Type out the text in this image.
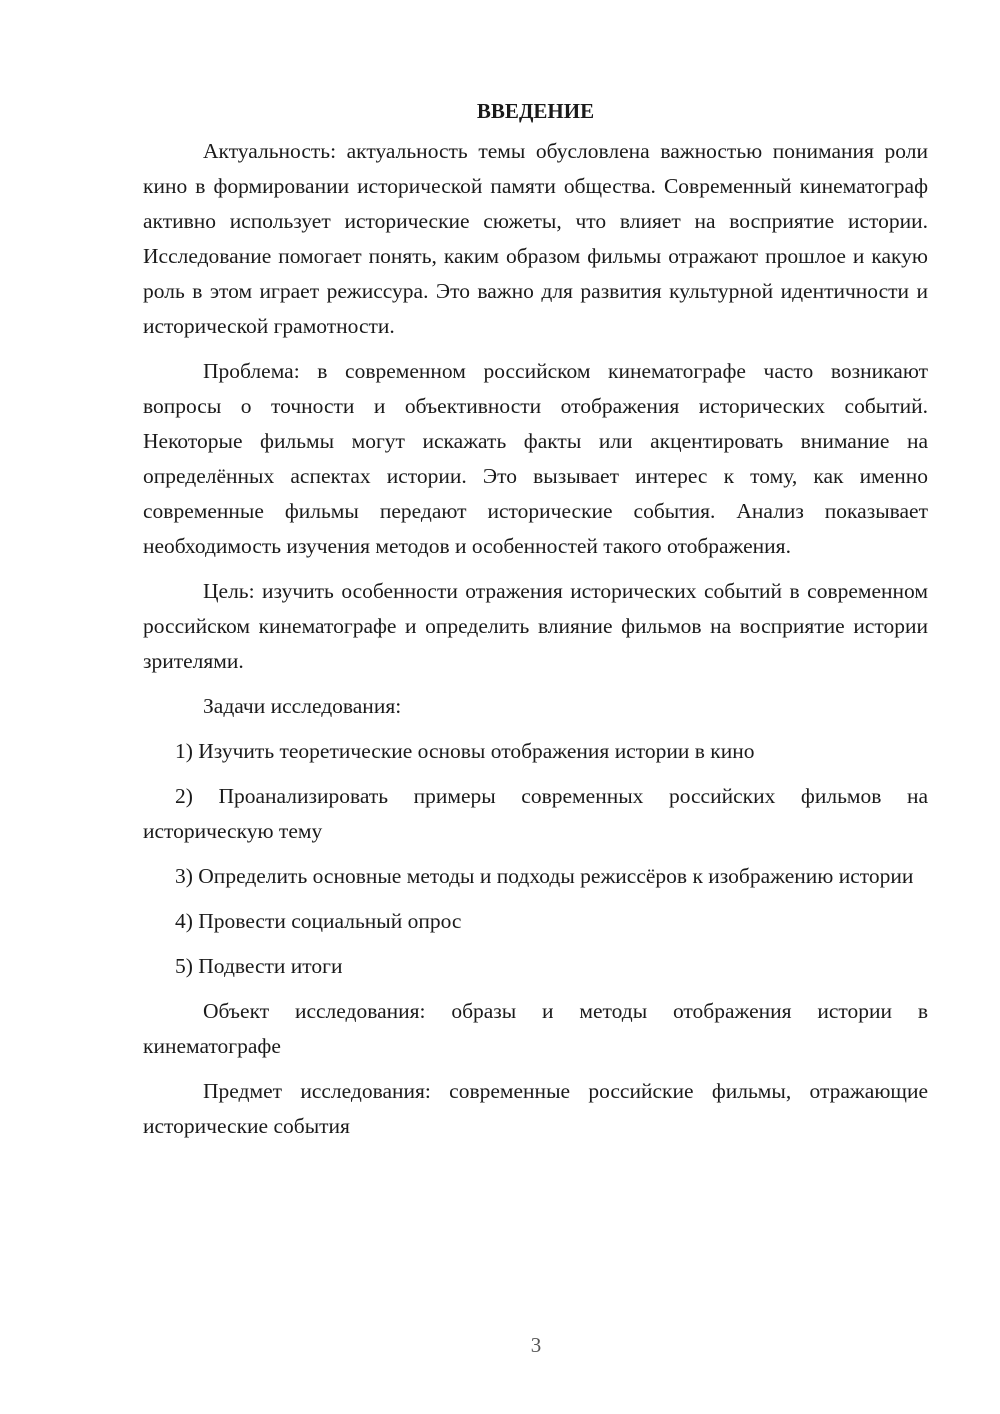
ВВЕДЕНИЕ

Актуальность: актуальность темы обусловлена важностью понимания роли кино в формировании исторической памяти общества. Современный кинематограф активно использует исторические сюжеты, что влияет на восприятие истории. Исследование помогает понять, каким образом фильмы отражают прошлое и какую роль в этом играет режиссура. Это важно для развития культурной идентичности и исторической грамотности.

Проблема: в современном российском кинематографе часто возникают вопросы о точности и объективности отображения исторических событий. Некоторые фильмы могут искажать факты или акцентировать внимание на определённых аспектах истории. Это вызывает интерес к тому, как именно современные фильмы передают исторические события. Анализ показывает необходимость изучения методов и особенностей такого отображения.

Цель: изучить особенности отражения исторических событий в современном российском кинематографе и определить влияние фильмов на восприятие истории зрителями.

Задачи исследования:

1) Изучить теоретические основы отображения истории в кино

2) Проанализировать примеры современных российских фильмов на историческую тему

3) Определить основные методы и подходы режиссёров к изображению истории

4) Провести социальный опрос

5) Подвести итоги

Объект исследования: образы и методы отображения истории в кинематографе

Предмет исследования: современные российские фильмы, отражающие исторические события

3
